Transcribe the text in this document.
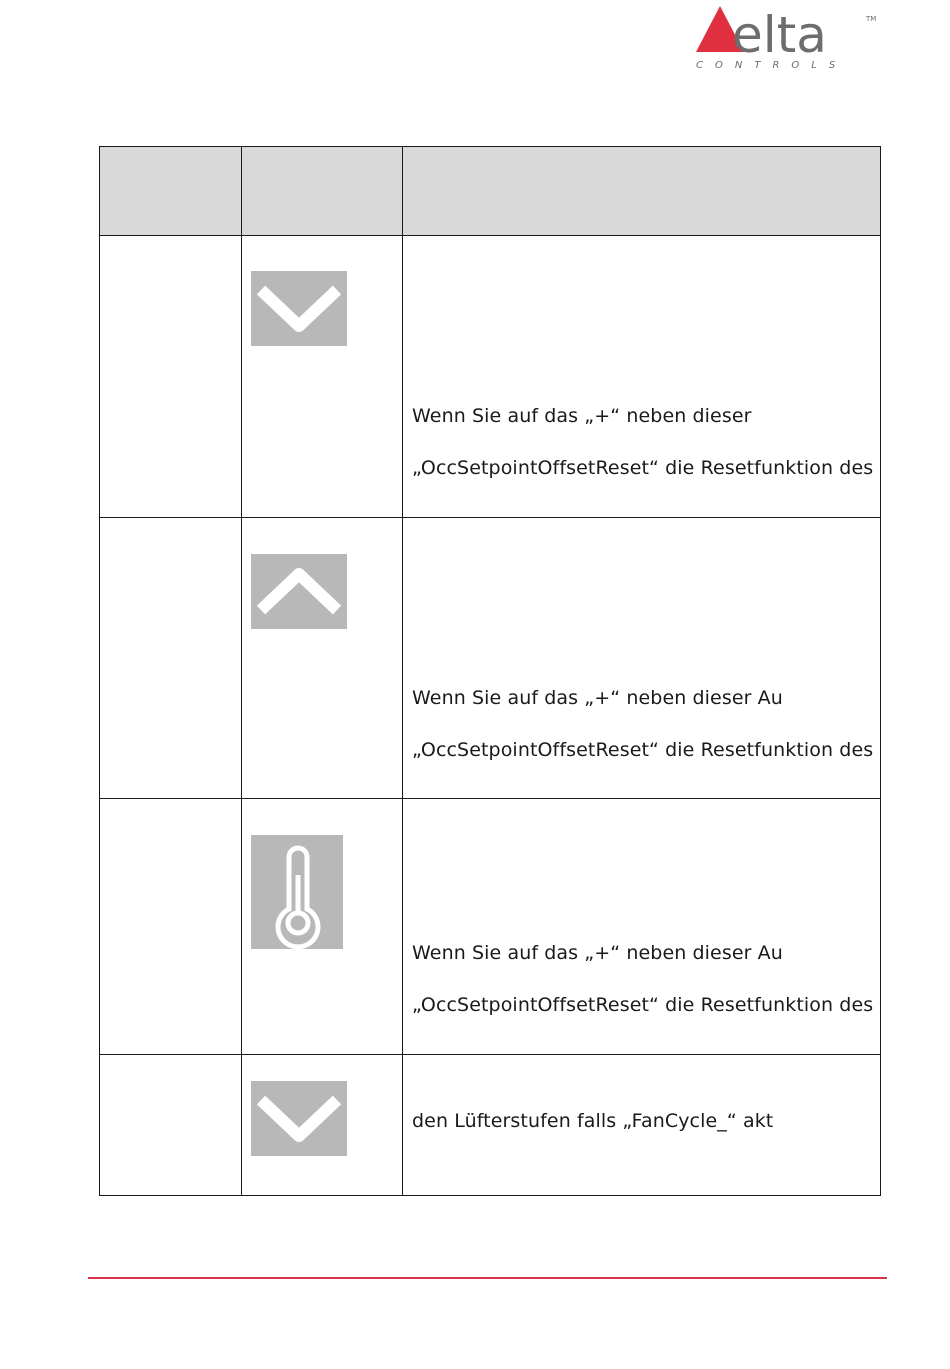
elta	TM
CONTROLS

Wenn Sie auf das „+“ neben dieser
„OccSetpointOffsetReset“ die Resetfunktion des

Wenn Sie auf das „+“ neben dieser Au
„OccSetpointOffsetReset“ die Resetfunktion des

Wenn Sie auf das „+“ neben dieser Au
„OccSetpointOffsetReset“ die Resetfunktion des

den Lüfterstufen falls „FanCycle_“ akt
